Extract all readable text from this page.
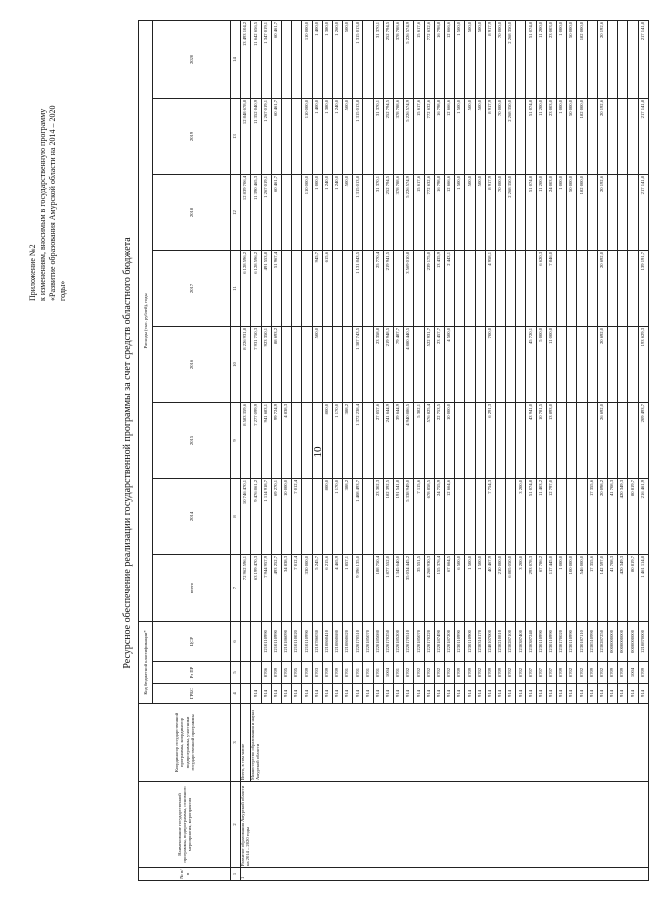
10
Приложение №2 к изменениям, вносимым в государственную программу «Развитие образования Амурской области на 2014 – 2020 годы»	Ресурсное обеспечение реализации государственной программы за счет средств областного бюджета
№ п/п	Наименование государственной программы, подпрограммы, основного мероприятия, мероприятия	Координатор государственной программы, координатор подпрограммы, участники государственной программы	Код бюджетной классификации*			Расходы (тыс. рублей), годы							
			ГРБС	Рз ПР	ЦСР	всего	2014	2015	2016	2017	2018	2019	2020

1	2	3	4	5	6	7	8	9	10	11	12	13	14
1	Развитие образования Амурской области на 2014 – 2020 годы	Всего, в том числе				72 962 596,1	10 746 470,1	8 583 359,6	8 226 931,8	6 128 596,2	12 839 706,4	12 848 678,8	13 493 104,2
		Министерство образования и науки Амурской области	914			63 199 470,3	9 476 861,2	7 277 099,9	7 931 750,3	6 128 596,2	11 390 465,3	11 352 040,9	11 642 656,5
			914	0706	1210110990	7 944 957,9	1 114 918,7	941 683,1	923 350,1	491 553,8	1 267 019,1	1 267 019,1	1 347 019,1
			914	0709	1210110990	493 252,7	69 270,1	99 724,9	88 693,2	51 967,4	60 461,7	60 461,7	60 461,7
			914	0705	1210186090	34 838,3	10 000,0	4 838,3					
			914	0705	1210110020	7 012,4	7 012,4						
			914	0709	1210110990	330 000,0					110 000,0	110 000,0	110 000,0
			914	0703	1210786030	5 245,7			500,0	945,7	1 000,0	1 400,0	1 400,0
			914	0709	1210860410	6 215,6	800,0	800,0		615,6	1 240,0	1 380,0	1 380,0
			914	0709	1210860680	4 465,9	1 170,0	1 170,0			1 240,0	1 240,0	1 260,0
			914	0701	1210860620	1 857,1	388,2	388,2			500,0	500,0	500,0
			914	0701	1220170510	9 396 135,0	1 408 493,7	1 372 238,4	1 387 743,5	1 131 843,5	1 315 013,8	1 315 013,8	1 315 013,8
			914	0701	1220185070								
			914	0701	1220185080	188 750,4	23 302,3	27 057,6	23 358,8	25 770,4	31 370,1	31 370,1	31 370,1
			914	1004	1220170250	1 877 552,0	182 392,5	241 644,9	219 948,5	219 941,5	252 794,5	252 794,5	252 794,5
			914	0701	1220185200	1 345 640,0	191 541,8	39 644,9	79 487,7		378 788,6	378 788,6	378 788,6
			914	0702	1220170510	35 034 445,2	5 338 949,0	4 940 886,5	4 880 440,5	3 569 010,8	5 226 574,9	5 226 574,9	5 226 574,9
			914	0702	1220185070	35 551,5	7 115,6	5 382,1			15 617,6	15 617,6	15 617,6
			914	0702	1220170220	4 268 930,3	678 858,5	576 825,4	522 931,7	239 175,0	772 632,6	772 632,6	772 632,6
			914	0702	1220187490	155 376,4	24 755,9	22 753,5	23 457,7	13 435,9	16 798,8	16 798,8	16 798,8
			914	0702	1220187200	67 664,5	12 664,6	10 000,0	4 500,0	2 443,1	12 666,6	12 666,6	12 666,6
			914	0709	1230110990	6 500,0					1 500,0	1 500,0	1 500,0
			914	0709	1230110900	1 500,0					500,0	500,0	500,0
			914	0702	1230310170	1 500,0					500,0	500,0	500,0
			914	0709	1240107000	40 467,9	7 754,3	6 291,3	700,0	4 958,1	8 917,9	8 917,9	8 917,9
			914	0709	1230210810	210 000,0					70 000,0	70 000,0	70 000,0
			914	0702	1230287100	6 805 050,0					2 268 350,0	2 268 350,0	2 268 350,0
			914	0702	1230387400	3 200,0	3 200,0						
			914	0707	1230387240	293 078,3	51 074,8	43 941,0	45 720,1		51 074,8	51 074,8	51 074,8
			914	0707	1230110990	67 786,2	11 403,2	10 781,5	5 000,0	6 620,3	11 200,0	11 200,0	11 200,0
			914	0707	1230110990	117 445,0	12 797,0	13 893,0	11 000,0	7 846,0	24 003,0	23 003,0	23 003,0
			914	0709	1230170020	1 000,0					1 000,0	1 000,0	1 000,0
			914	0702	1230110990	100 000,0					50 000,0	50 000,0	50 000,0
			914	0702	1230187110	546 000,0					182 000,0	182 000,0	182 000,0
			914	0709	1230510990	17 355,6	17 355,6						
			914	0702	1230287250	142 597,0	20 098,2	26 692,0	20 692,0	20 692,0	20 192,6	20 192,6	20 192,6
			914	0709	0000000000	41 708,3	41 708,3						
			914	0709	0000000000	420 349,3	420 349,3						
			914	1004	0000000000	80 819,7	80 819,7						
			914	0709	1210870000	1 461 114,8	216 461,9	209 493,7	193 629,3	139 191,7	217 141,8	217 141,8	217 141,8
